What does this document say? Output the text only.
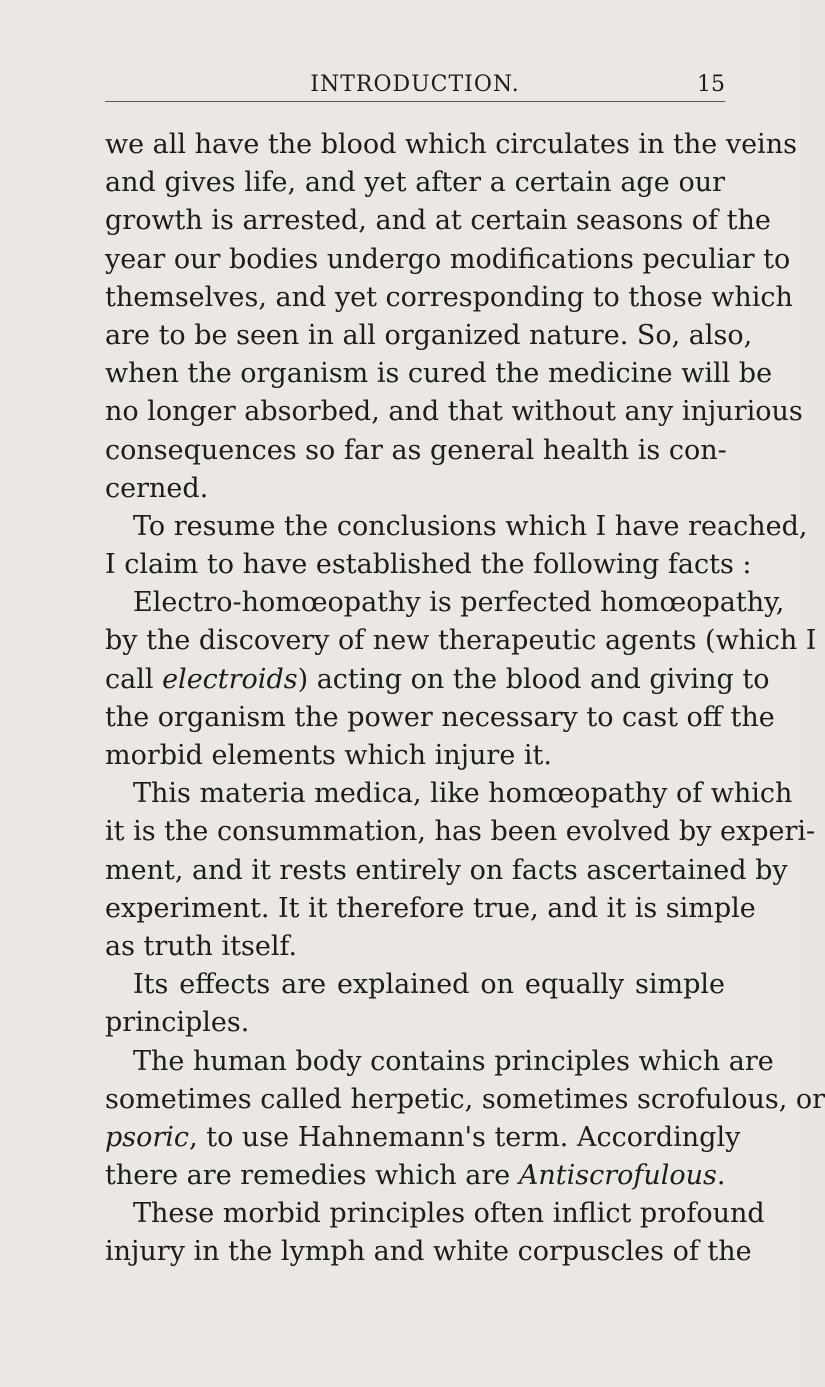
INTRODUCTION.	15
we all have the blood which circulates in the veins
and gives life, and yet after a certain age our
growth is arrested, and at certain seasons of the
year our bodies undergo modifications peculiar to
themselves, and yet corresponding to those which
are to be seen in all organized nature. So, also,
when the organism is cured the medicine will be
no longer absorbed, and that without any injurious
consequences so far as general health is con-
cerned.
To resume the conclusions which I have reached,
I claim to have established the following facts :
Electro-homœopathy is perfected homœopathy,
by the discovery of new therapeutic agents (which I
call electroids) acting on the blood and giving to
the organism the power necessary to cast off the
morbid elements which injure it.
This materia medica, like homœopathy of which
it is the consummation, has been evolved by experi-
ment, and it rests entirely on facts ascertained by
experiment. It it therefore true, and it is simple
as truth itself.
Its effects are explained on equally simple
principles.
The human body contains principles which are
sometimes called herpetic, sometimes scrofulous, or
psoric, to use Hahnemann's term. Accordingly
there are remedies which are Antiscrofulous.
These morbid principles often inflict profound
injury in the lymph and white corpuscles of the
